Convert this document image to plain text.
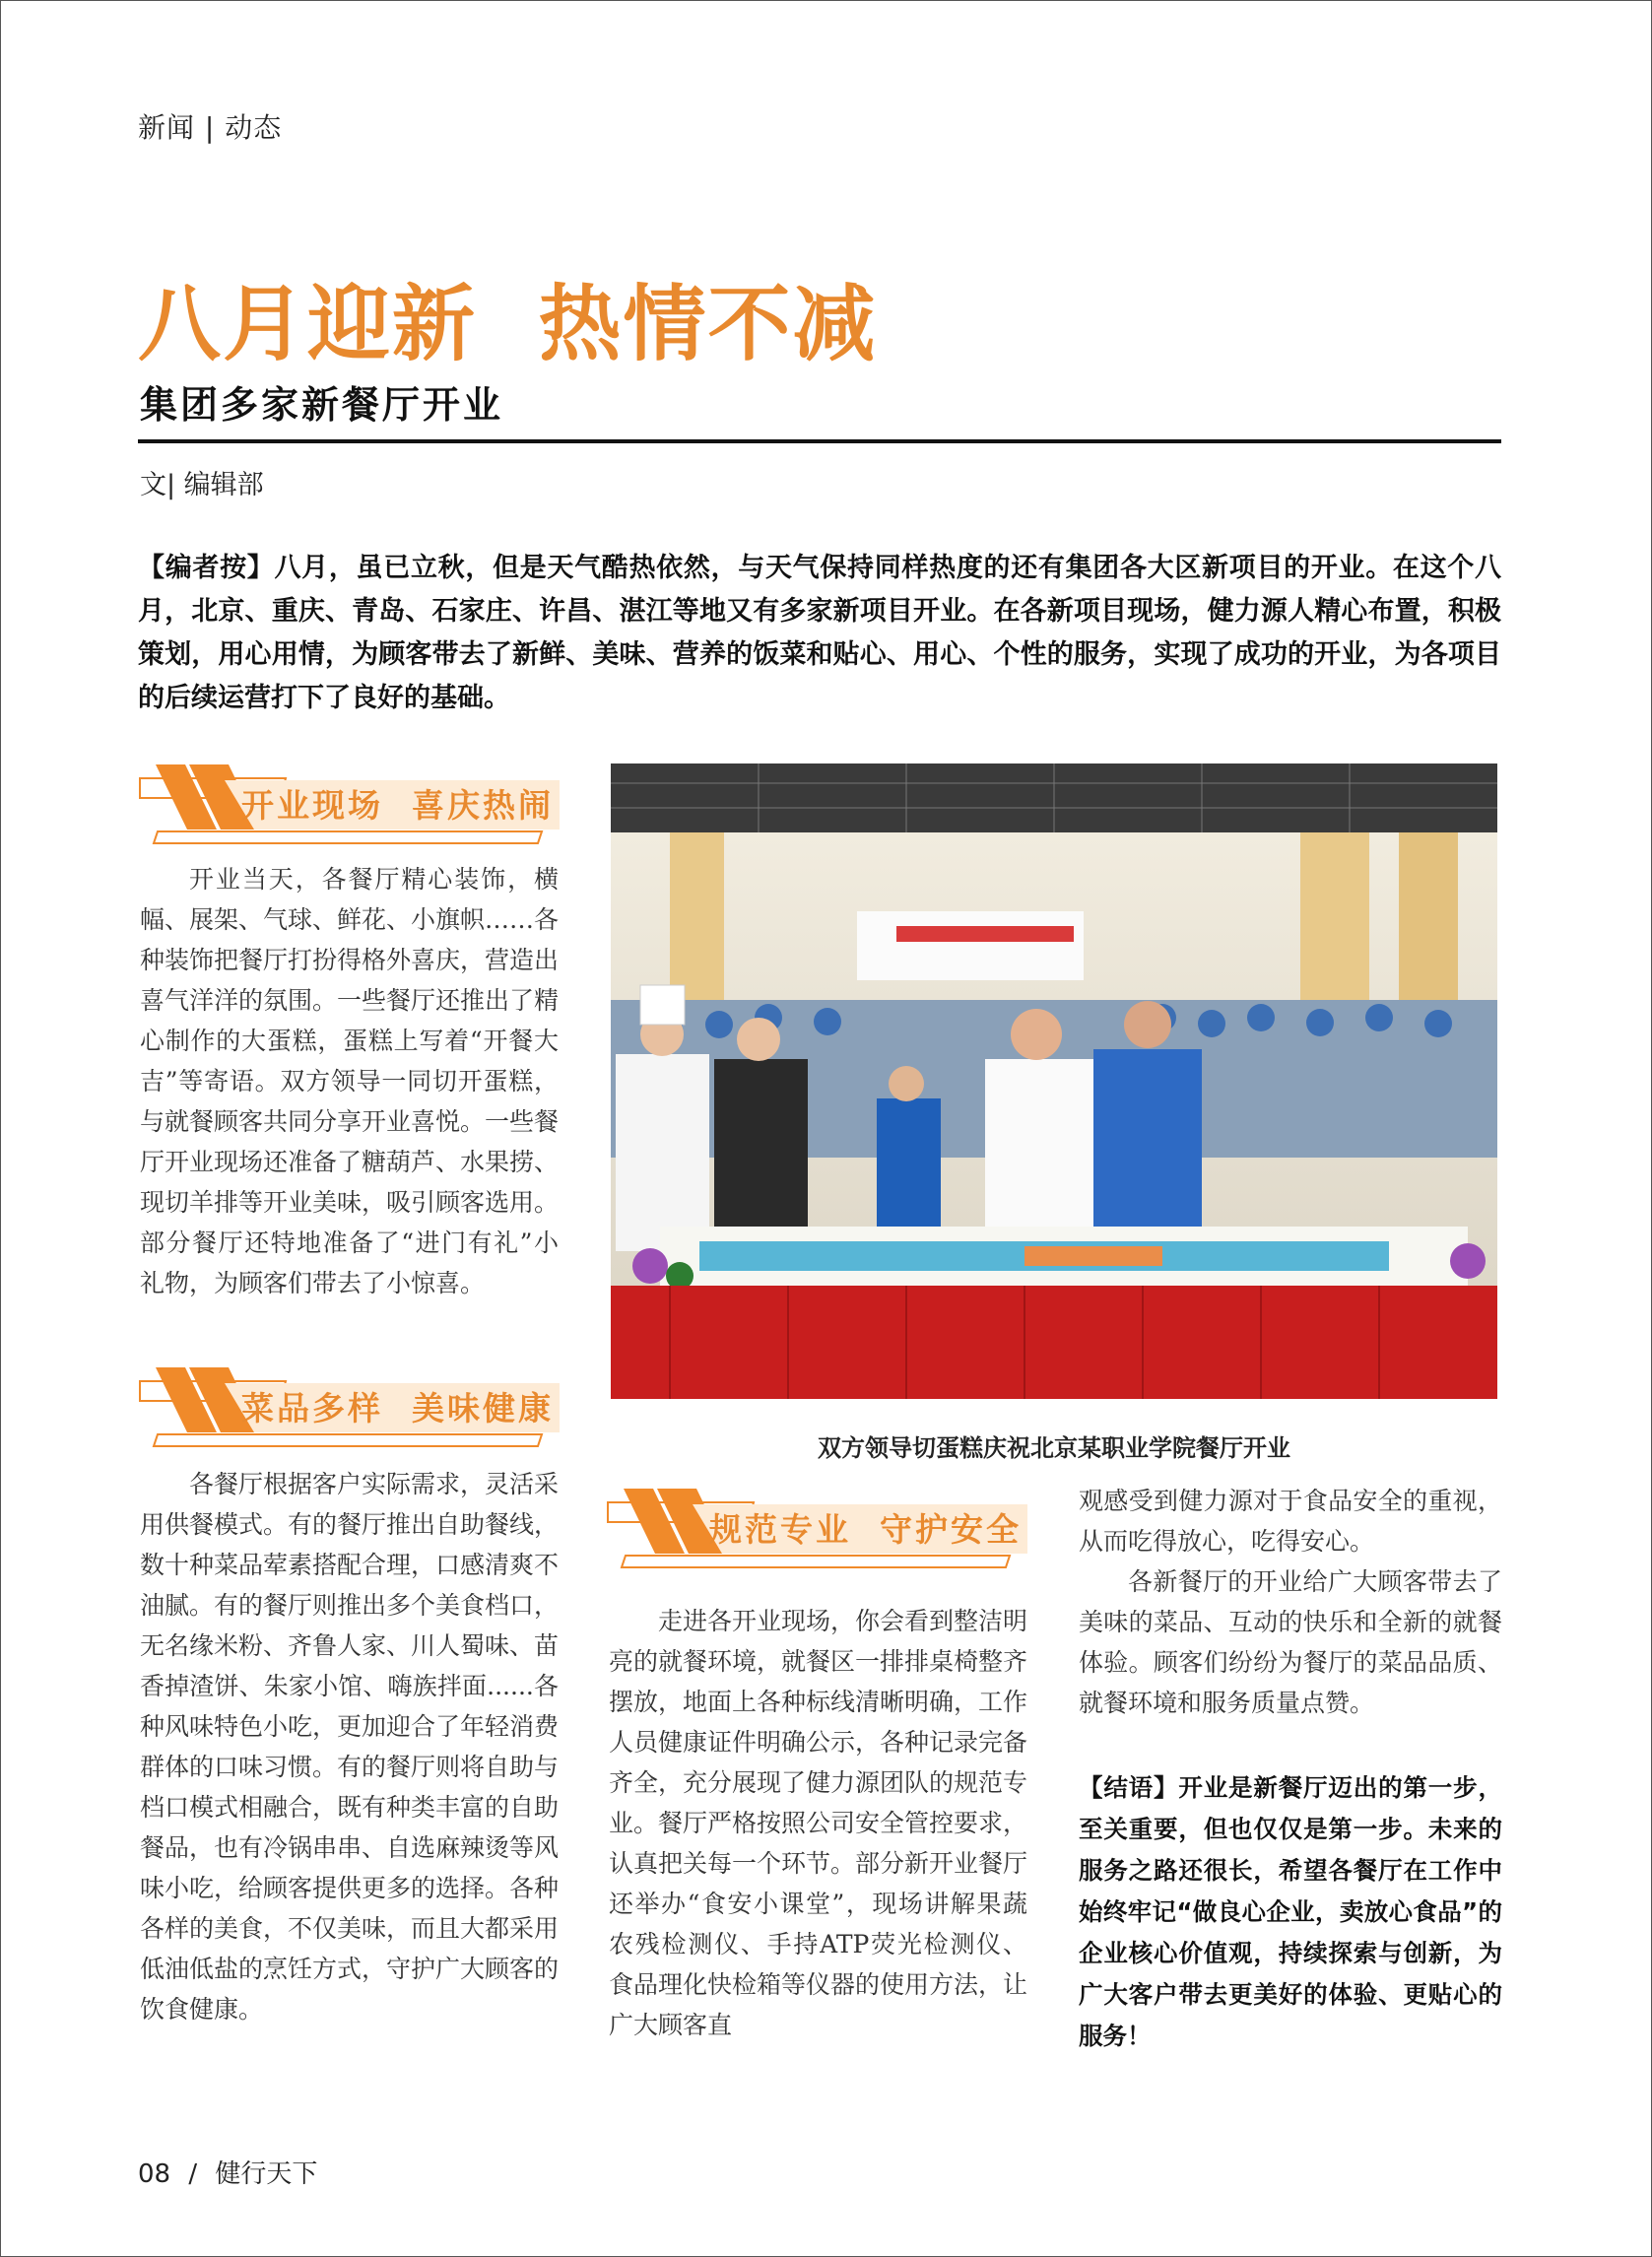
新闻 | 动态
八月迎新  热情不减
集团多家新餐厅开业
文| 编辑部
【编者按】八月，虽已立秋，但是天气酷热依然，与天气保持同样热度的还有集团各大区新项目的开业。在这个八月，北京、重庆、青岛、石家庄、许昌、湛江等地又有多家新项目开业。在各新项目现场，健力源人精心布置，积极策划，用心用情，为顾客带去了新鲜、美味、营养的饭菜和贴心、用心、个性的服务，实现了成功的开业，为各项目的后续运营打下了良好的基础。
开业现场  喜庆热闹
开业当天，各餐厅精心装饰，横幅、展架、气球、鲜花、小旗帜……各种装饰把餐厅打扮得格外喜庆，营造出喜气洋洋的氛围。一些餐厅还推出了精心制作的大蛋糕，蛋糕上写着“开餐大吉”等寄语。双方领导一同切开蛋糕，与就餐顾客共同分享开业喜悦。一些餐厅开业现场还准备了糖葫芦、水果捞、现切羊排等开业美味，吸引顾客选用。部分餐厅还特地准备了“进门有礼”小礼物，为顾客们带去了小惊喜。
菜品多样  美味健康
各餐厅根据客户实际需求，灵活采用供餐模式。有的餐厅推出自助餐线，数十种菜品荤素搭配合理，口感清爽不油腻。有的餐厅则推出多个美食档口，无名缘米粉、齐鲁人家、川人蜀味、苗香掉渣饼、朱家小馆、嗨族拌面......各种风味特色小吃，更加迎合了年轻消费群体的口味习惯。有的餐厅则将自助与档口模式相融合，既有种类丰富的自助餐品，也有冷锅串串、自选麻辣烫等风味小吃，给顾客提供更多的选择。各种各样的美食，不仅美味，而且大都采用低油低盐的烹饪方式，守护广大顾客的饮食健康。
规范专业  守护安全
走进各开业现场，你会看到整洁明亮的就餐环境，就餐区一排排桌椅整齐摆放，地面上各种标线清晰明确，工作人员健康证件明确公示，各种记录完备齐全，充分展现了健力源团队的规范专业。餐厅严格按照公司安全管控要求，认真把关每一个环节。部分新开业餐厅还举办“食安小课堂”，现场讲解果蔬农残检测仪、手持ATP荧光检测仪、食品理化快检箱等仪器的使用方法，让广大顾客直
观感受到健力源对于食品安全的重视，从而吃得放心，吃得安心。
各新餐厅的开业给广大顾客带去了美味的菜品、互动的快乐和全新的就餐体验。顾客们纷纷为餐厅的菜品品质、就餐环境和服务质量点赞。
【结语】开业是新餐厅迈出的第一步，至关重要，但也仅仅是第一步。未来的服务之路还很长，希望各餐厅在工作中始终牢记“做良心企业，卖放心食品”的企业核心价值观，持续探索与创新，为广大客户带去更美好的体验、更贴心的服务！
双方领导切蛋糕庆祝北京某职业学院餐厅开业
08 / 健行天下
